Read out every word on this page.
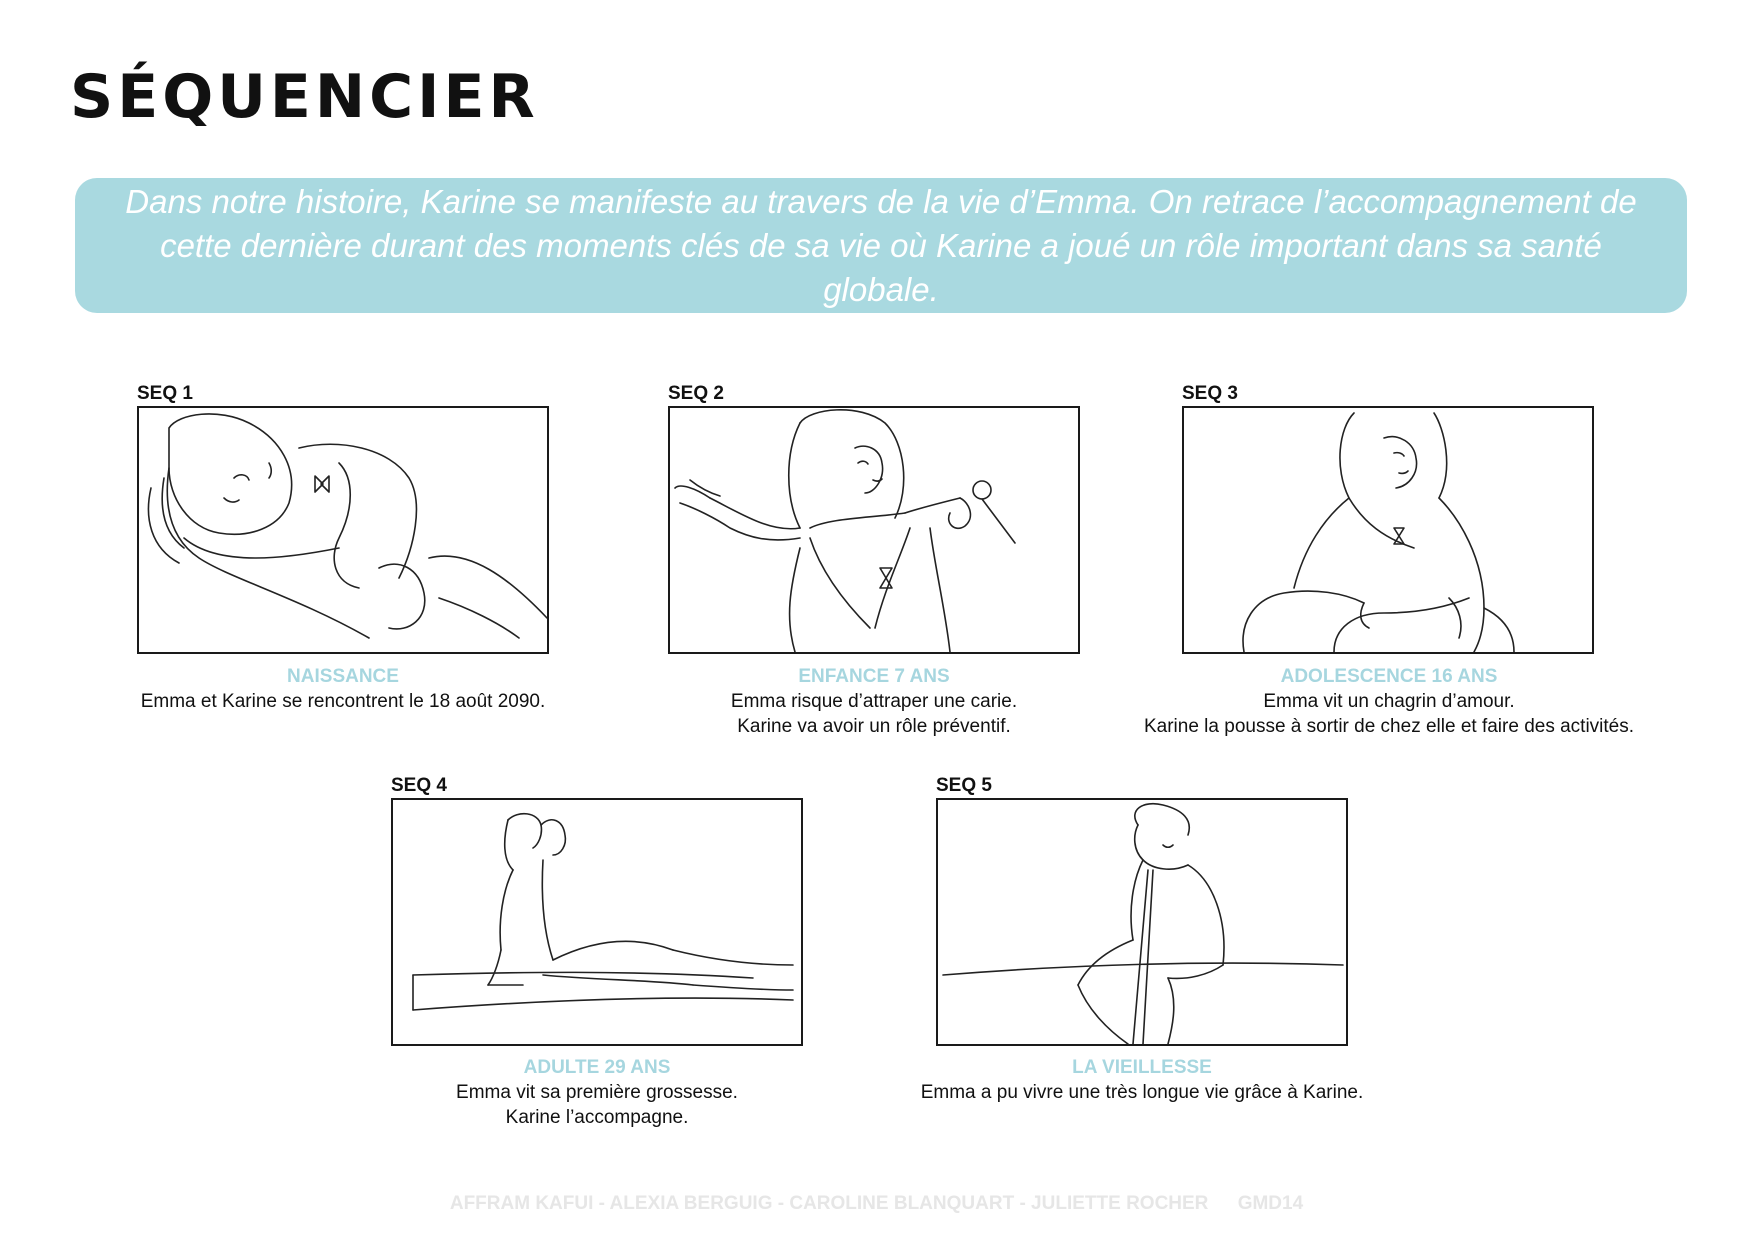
SÉQUENCIER
Dans notre histoire, Karine se manifeste au travers de la vie d’Emma. On retrace l’accompagnement de cette dernière durant des moments clés de sa vie où Karine a joué un rôle important dans sa santé globale.
SEQ 1
NAISSANCE
Emma et Karine se rencontrent le 18 août 2090.
SEQ 2
ENFANCE 7 ANS
Emma risque d’attraper une carie.
Karine va avoir un rôle préventif.
SEQ 3
ADOLESCENCE 16 ANS
Emma vit un chagrin d’amour.
Karine la pousse à sortir de chez elle et faire des activités.
SEQ 4
ADULTE 29 ANS
Emma vit sa première grossesse.
Karine l’accompagne.
SEQ 5
LA VIEILLESSE
Emma a pu vivre une très longue vie grâce à Karine.
AFFRAM KAFUI - ALEXIA BERGUIG - CAROLINE BLANQUART - JULIETTE ROCHER GMD14
